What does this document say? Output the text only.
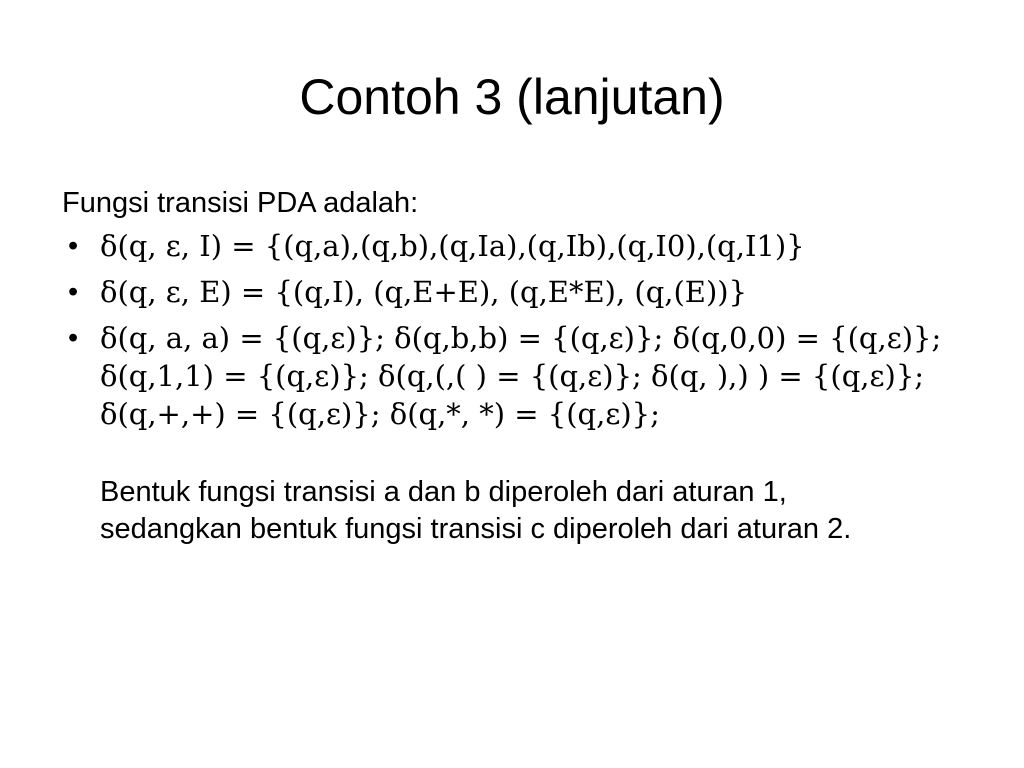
Contoh 3 (lanjutan)
Fungsi transisi PDA adalah:
• δ(q, ε, I) = {(q,a),(q,b),(q,Ia),(q,Ib),(q,I0),(q,I1)}
• δ(q, ε, E) = {(q,I), (q,E+E), (q,E*E), (q,(E))}
• δ(q, a, a) = {(q,ε)}; δ(q,b,b) = {(q,ε)}; δ(q,0,0) = {(q,ε)}; δ(q,1,1) = {(q,ε)}; δ(q,(,( ) = {(q,ε)}; δ(q, ),) ) = {(q,ε)}; δ(q,+,+) = {(q,ε)}; δ(q,*, *) = {(q,ε)};
Bentuk fungsi transisi a dan b diperoleh dari aturan 1, sedangkan bentuk fungsi transisi c diperoleh dari aturan 2.
